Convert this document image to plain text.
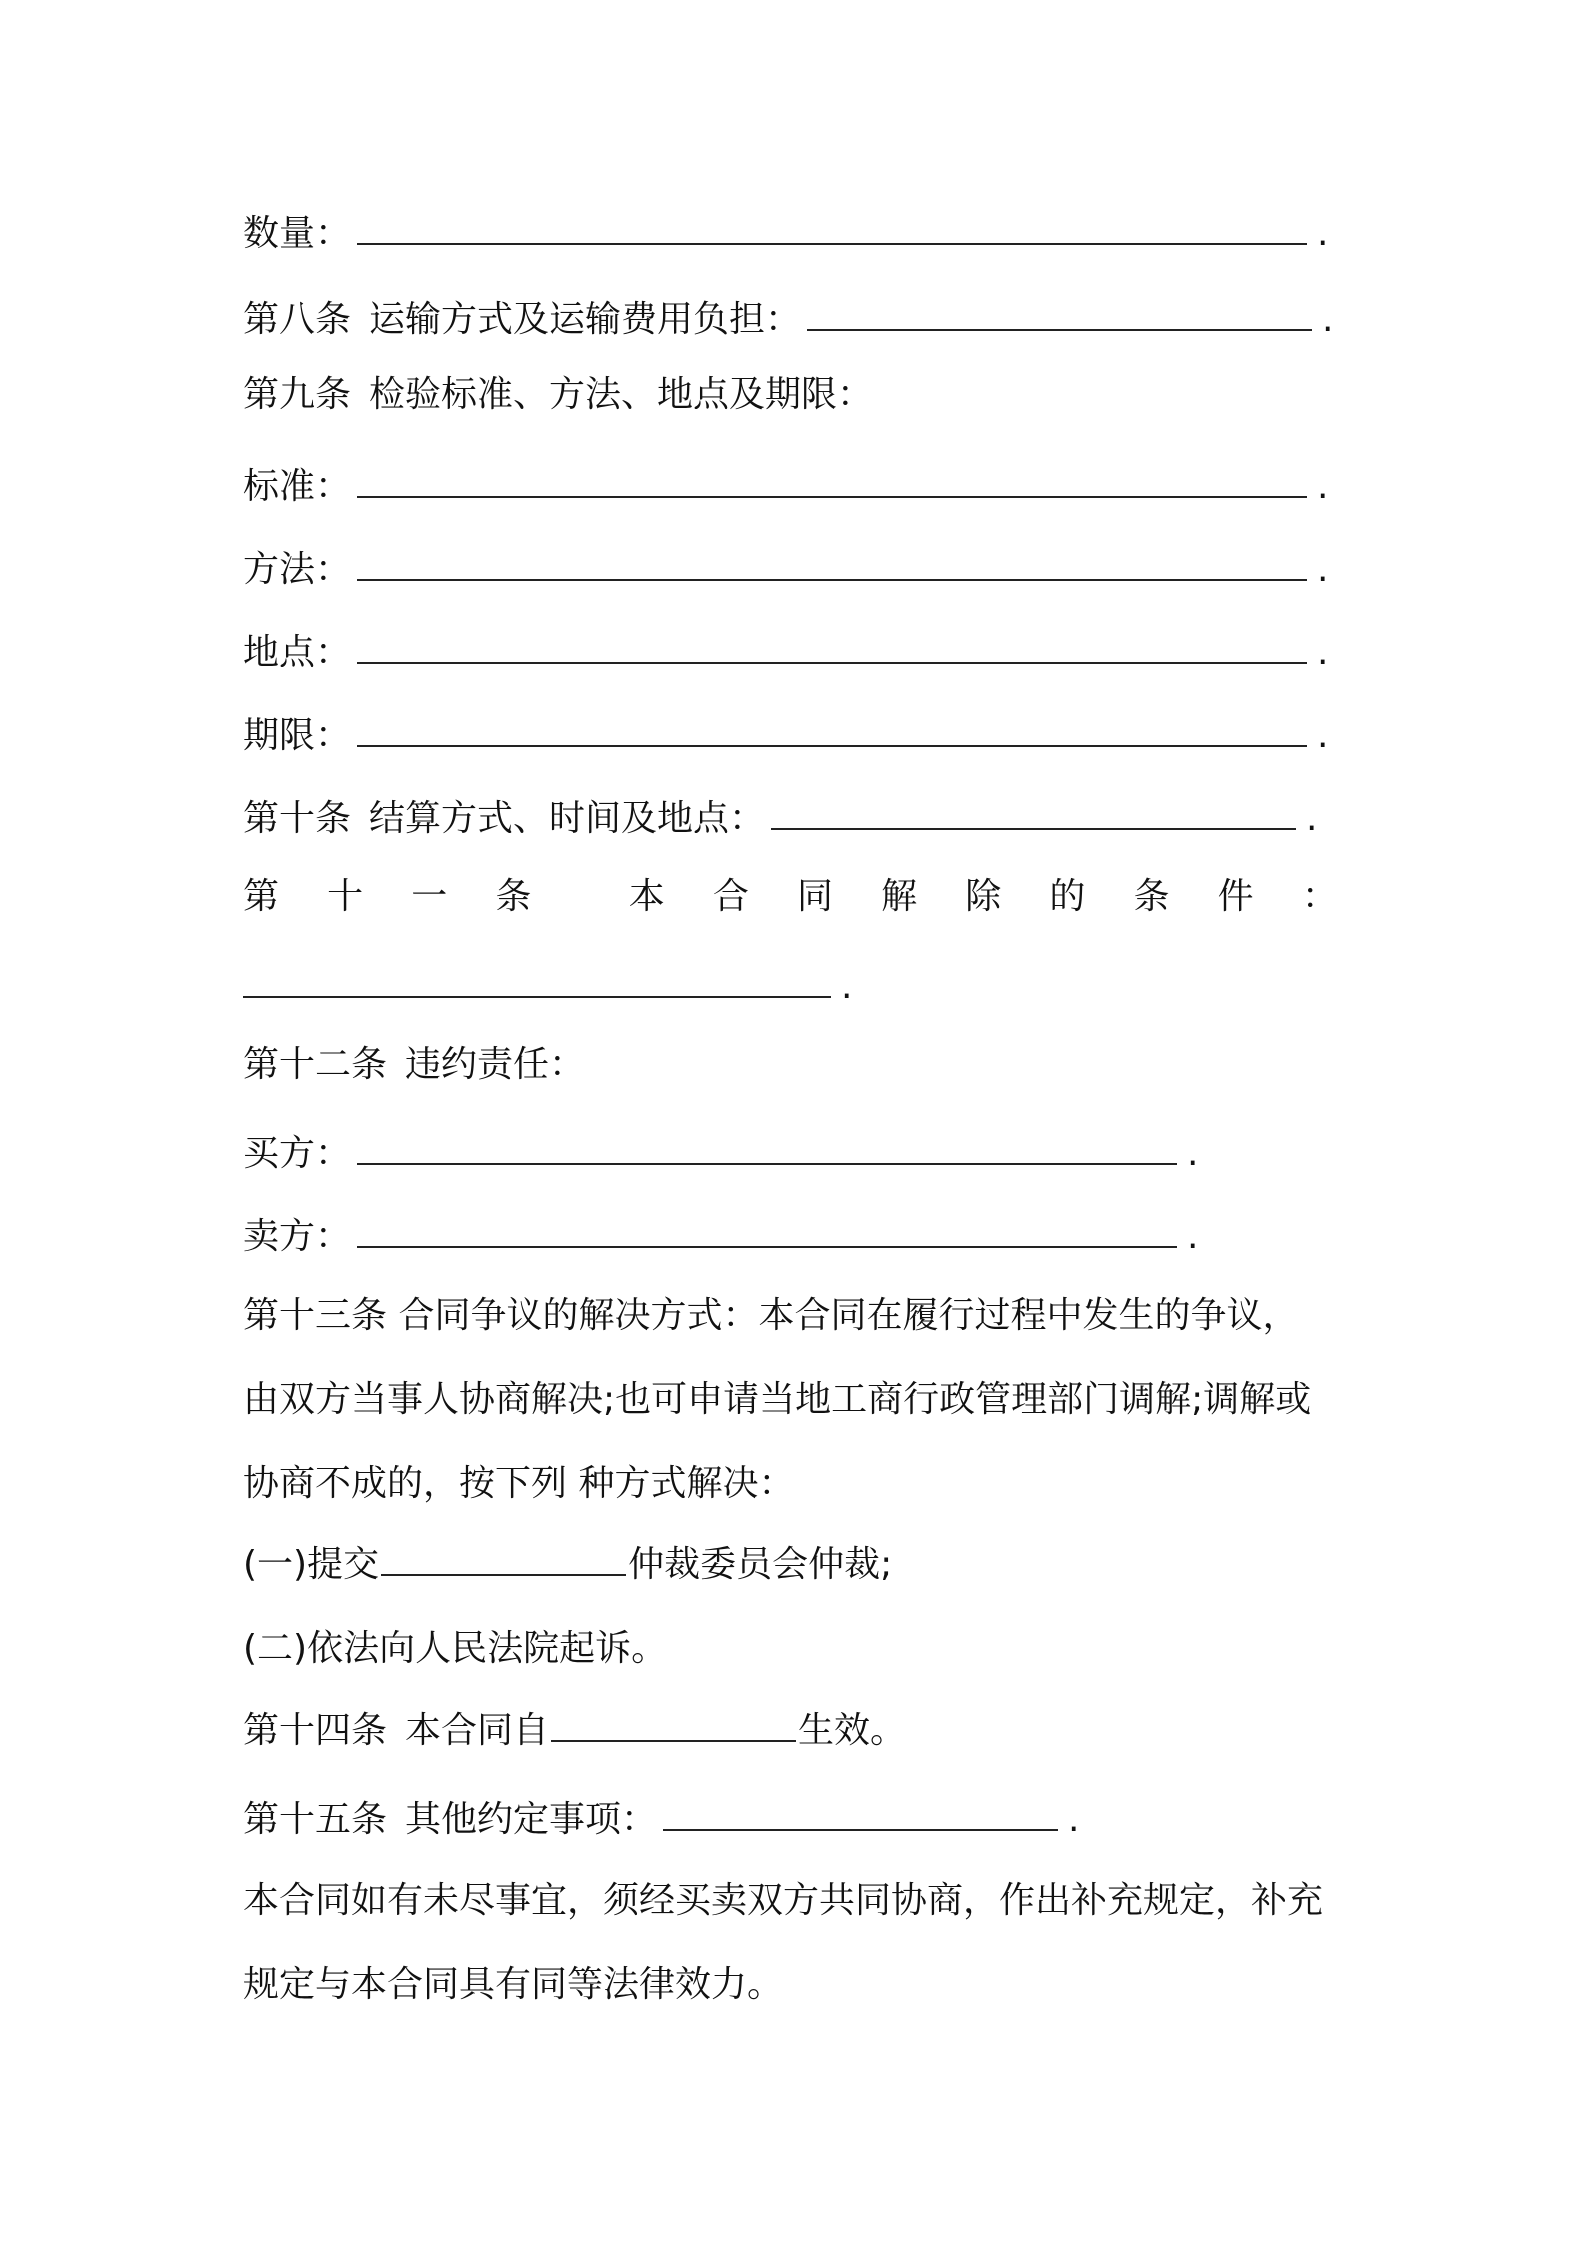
数量：	.
第八条 运输方式及运输费用负担：	.
第九条 检验标准、方法、地点及期限：
标准：	.
方法：	.
地点：	.
期限：	.
第十条 结算方式、时间及地点：	.
第 十 一 条	本 合 同 解 除 的 条 件 ：
.
第十二条 违约责任：
买方：	.
卖方：	.
第十三条 合同争议的解决方式：本合同在履行过程中发生的争议，
由双方当事人协商解决;也可申请当地工商行政管理部门调解;调解或
协商不成的，按下列 种方式解决：
(一)提交	仲裁委员会仲裁;
(二)依法向人民法院起诉。
第十四条 本合同自	生效。
第十五条 其他约定事项：	.
本合同如有未尽事宜，须经买卖双方共同协商，作出补充规定，补充
规定与本合同具有同等法律效力。
